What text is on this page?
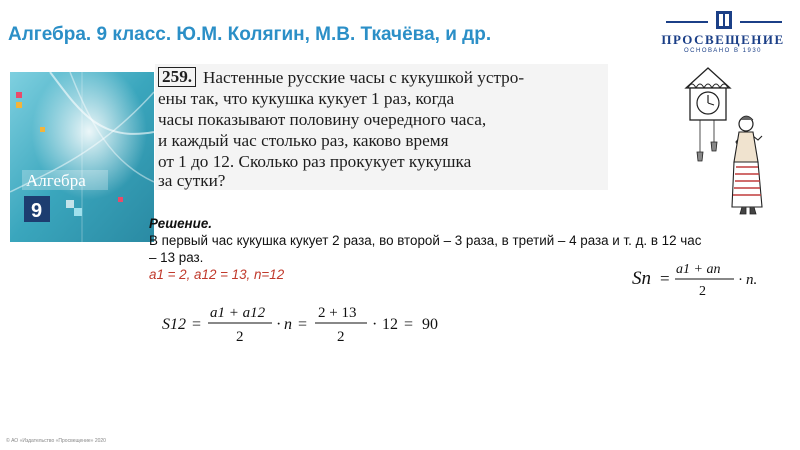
Алгебра. 9 класс. Ю.М. Колягин, М.В. Ткачёва, и др.	ПРОСВЕЩЕНИЕ
ОСНОВАНО В 1930
Алгебра
9
259. Настенные русские часы с кукушкой устро-
ены так, что кукушка кукует 1 раз, когда
часы показывают половину очередного часа,
и каждый час столько раз, каково время
от 1 до 12. Сколько раз прокукует кукушка
за сутки?
Решение.
В первый час кукушка кукует 2 раза, во второй – 3 раза, в третий – 4 раза и т. д. в 12 час – 13 раз.
a1 = 2, a12 = 13, n=12	Sn = a1 + an
2
· n.
S12 =
a1 + a12
2
· n =
2 + 13
2
· 12 = 90
© АО «Издательство «Просвещение» 2020
